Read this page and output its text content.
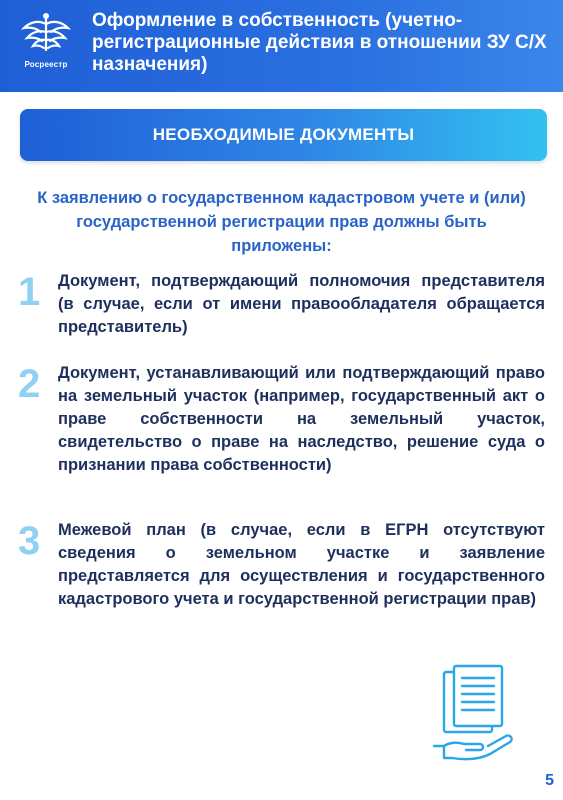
Росреестр
Оформление в собственность (учетно-регистрационные действия в отношении ЗУ С/Х назначения)
НЕОБХОДИМЫЕ ДОКУМЕНТЫ
К заявлению о государственном кадастровом учете и (или) государственной регистрации прав должны быть приложены:
1	Документ, подтверждающий полномочия представителя (в случае, если от имени правообладателя обращается представитель)
2	Документ, устанавливающий или подтверждающий право на земельный участок (например, государственный акт о праве собственности на земельный участок, свидетельство о праве на наследство, решение суда о признании права собственности)
3	Межевой план (в случае, если в ЕГРН отсутствуют сведения о земельном участке и заявление представляется для осуществления и государственного кадастрового учета и государственной регистрации прав)
5
